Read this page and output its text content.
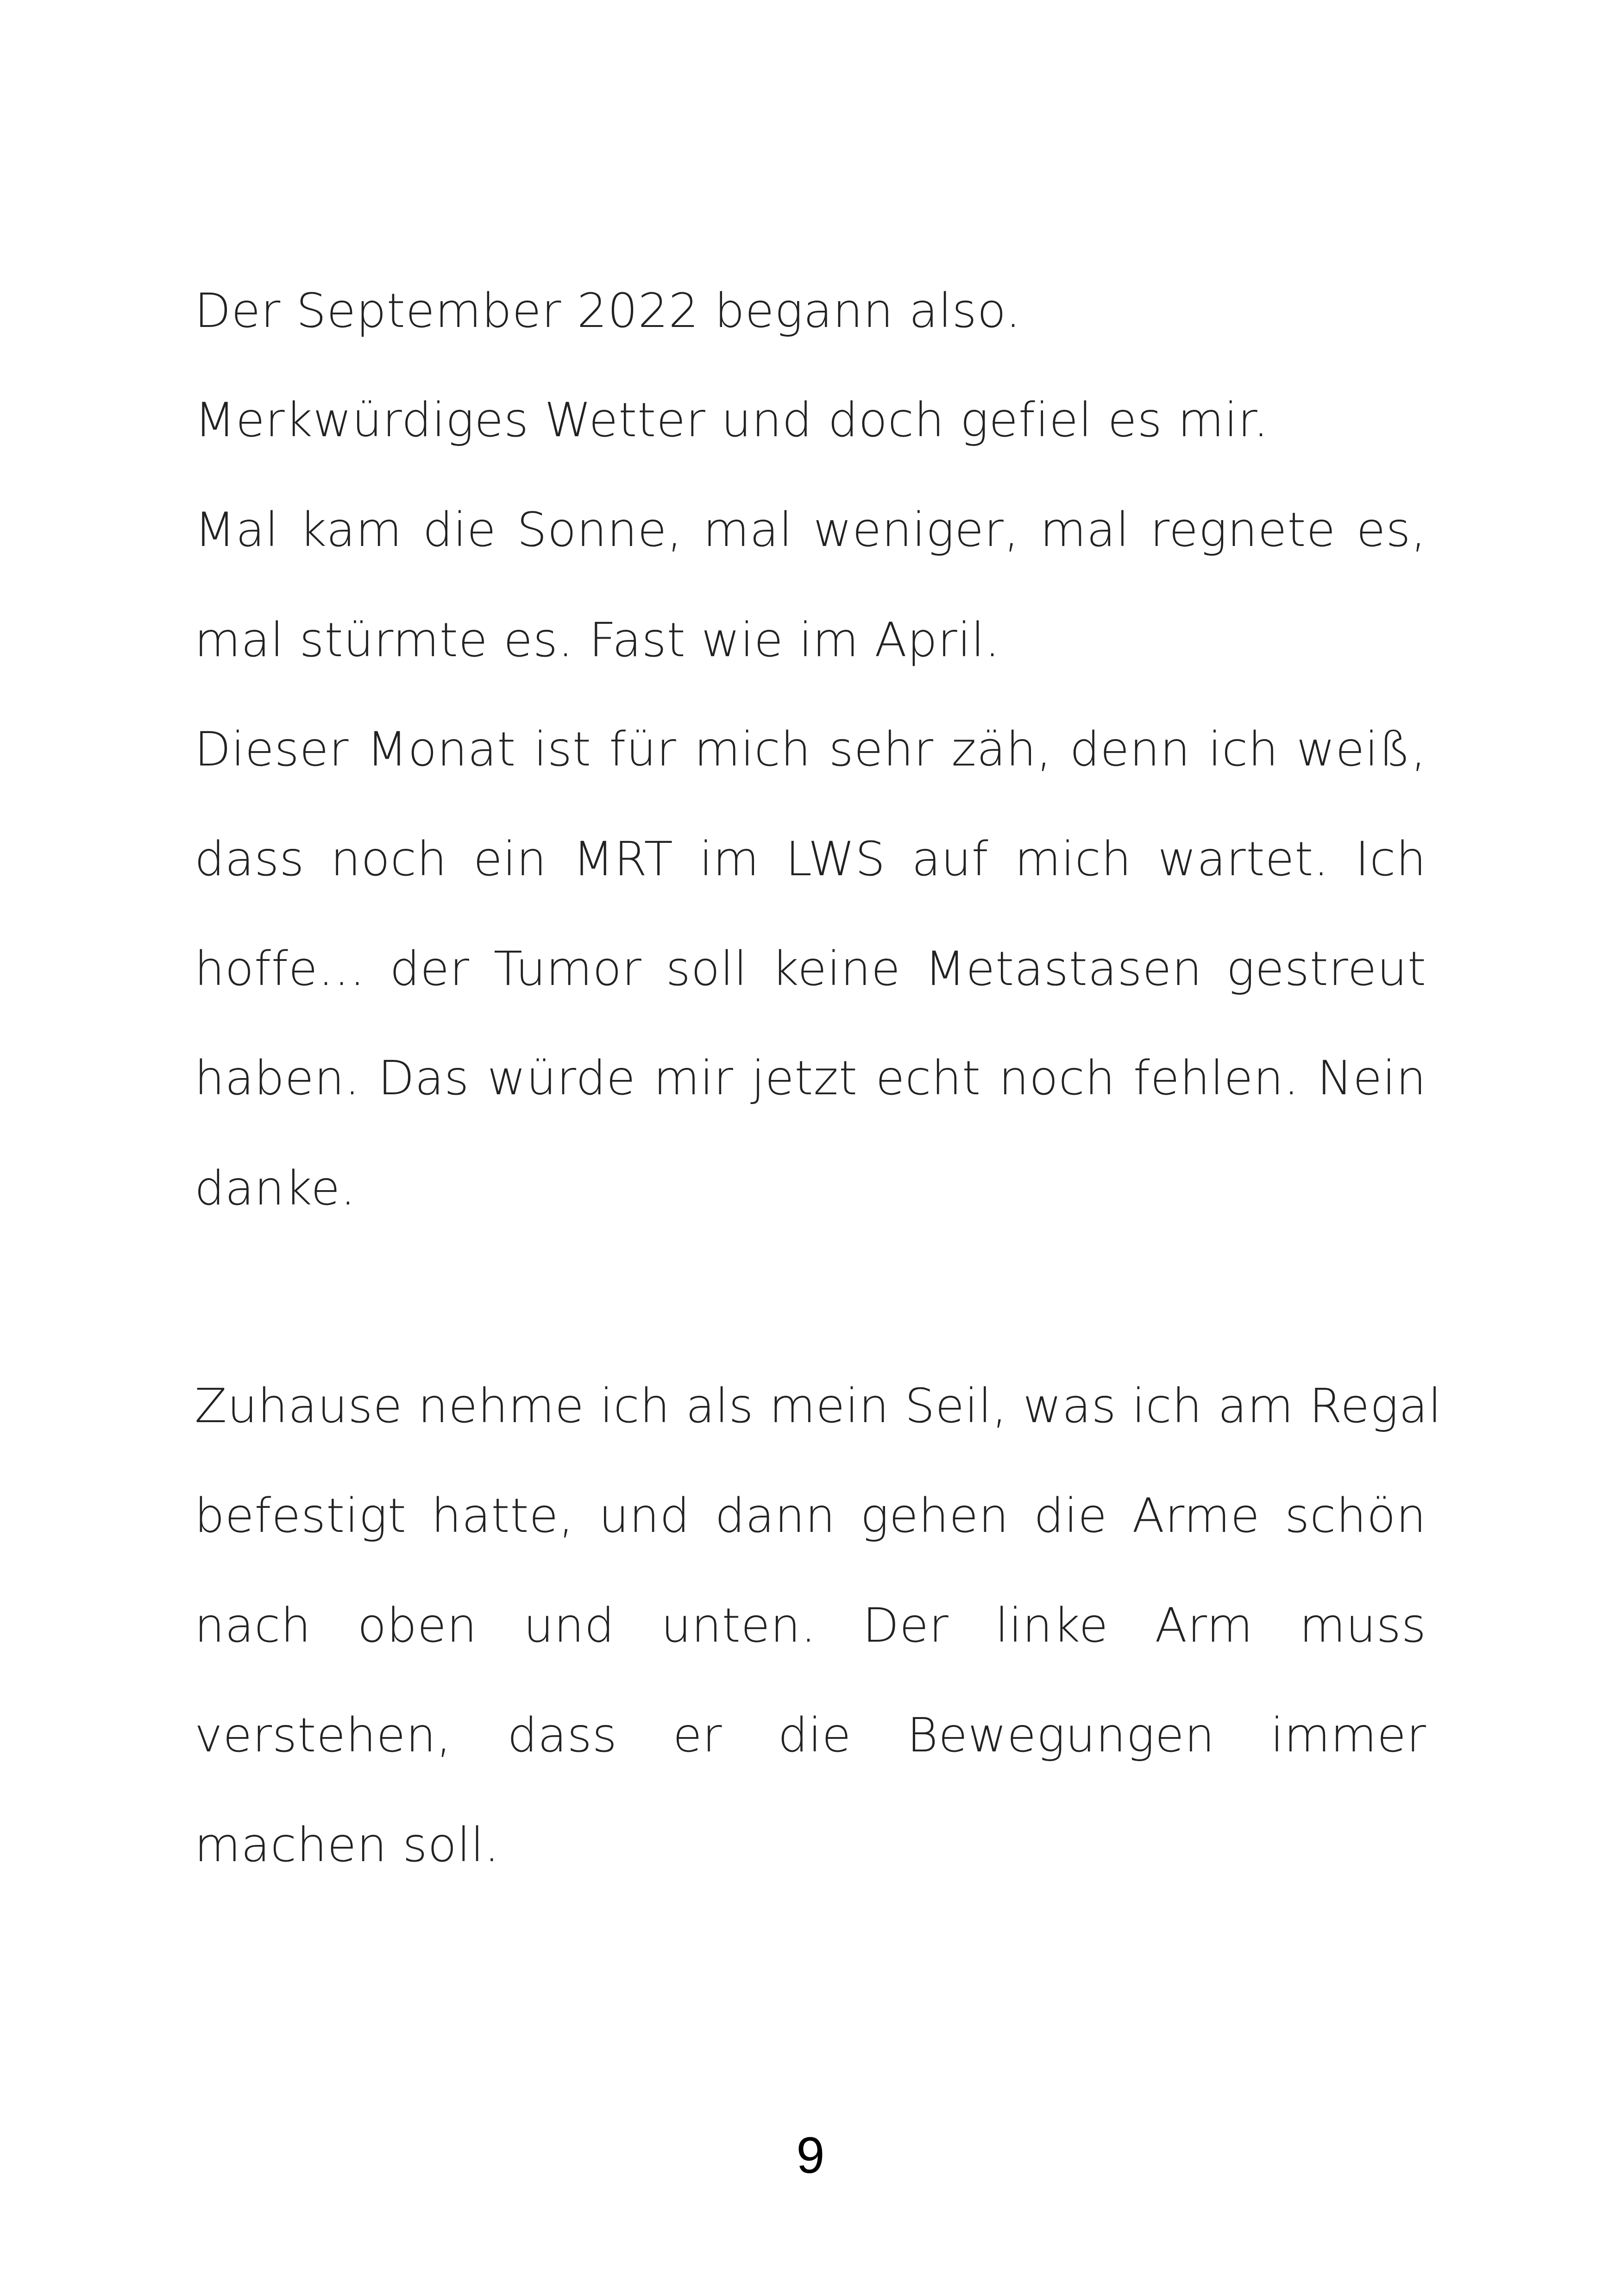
Der September 2022 begann also.
Merkwürdiges Wetter und doch gefiel es mir.
Mal kam die Sonne, mal weniger, mal regnete es,
mal stürmte es. Fast wie im April.
Dieser Monat ist für mich sehr zäh, denn ich weiß,
dass noch ein MRT im LWS auf mich wartet. Ich
hoffe… der Tumor soll keine Metastasen gestreut
haben. Das würde mir jetzt echt noch fehlen. Nein
danke.
Zuhause nehme ich als mein Seil, was ich am Regal
befestigt hatte, und dann gehen die Arme schön
nach oben und unten. Der linke Arm muss
verstehen, dass er die Bewegungen immer
machen soll.
9
